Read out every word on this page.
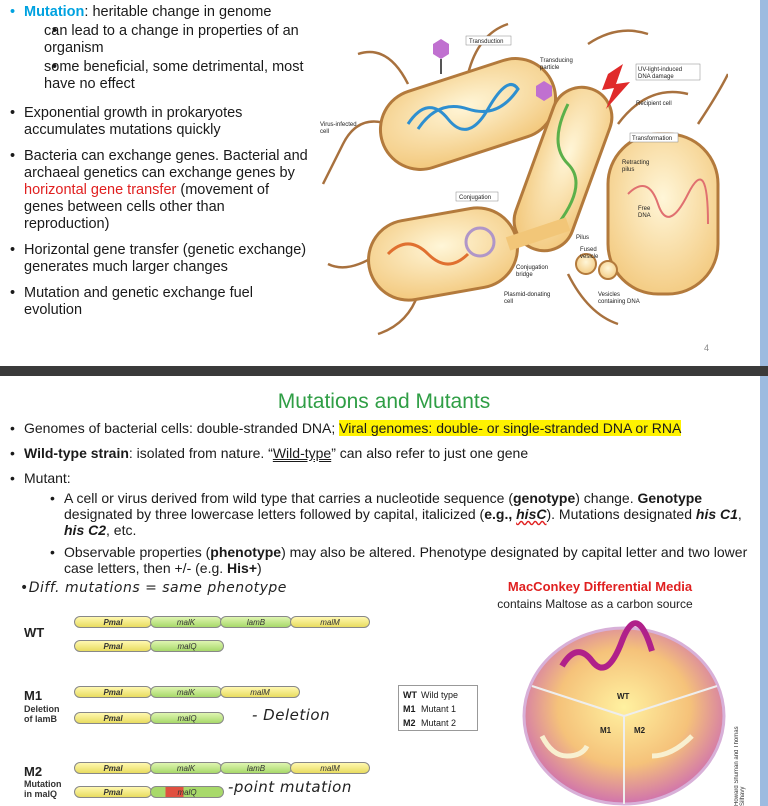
• Mutation: heritable change in genome
• can lead to a change in properties of an organism
• some beneficial, some detrimental, most have no effect
• Exponential growth in prokaryotes accumulates mutations quickly
• Bacteria can exchange genes. Bacterial and archaeal genetics can exchange genes by horizontal gene transfer (movement of genes between cells other than reproduction)
• Horizontal gene transfer (genetic exchange) generates much larger changes
• Mutation and genetic exchange fuel evolution
Transduction
Transducing
particle	UV-light-induced
DNA damage
Recipient cell
Virus-infected
cell
Transformation
Retracting
pilus
Conjugation
Free
DNA
Pilus
Fused
vesicle
Conjugation
bridge
Plasmid-donating
cell
Vesicles
containing DNA
4
Mutations and Mutants
• Genomes of bacterial cells: double-stranded DNA; Viral genomes: double- or single-stranded DNA or RNA
• Wild-type strain: isolated from nature. “Wild-type” can also refer to just one gene
• Mutant:
• A cell or virus derived from wild type that carries a nucleotide sequence (genotype) change. Genotype designated by three lowercase letters followed by capital, italicized (e.g., hisC). Mutations designated his C1, his C2, etc.
• Observable properties (phenotype) may also be altered. Phenotype designated by capital letter and two lower case letters, then +/- (e.g. His+)
•Diff. mutations = same phenotype
WT
Pmal	malK	lamB	malM
Pmal	malQ
M1
Deletion
of lamB
Pmal	malK	malM
Pmal	malQ	- Deletion
M2
Mutation
in malQ
Pmal	malK	lamB	malM
Pmal	malQ	-point mutation
WT Wild type
M1 Mutant 1
M2 Mutant 2
MacConkey Differential Media
contains Maltose as a carbon source
WT
M1	M2	Howard Shuman and Thomas Silhavy
